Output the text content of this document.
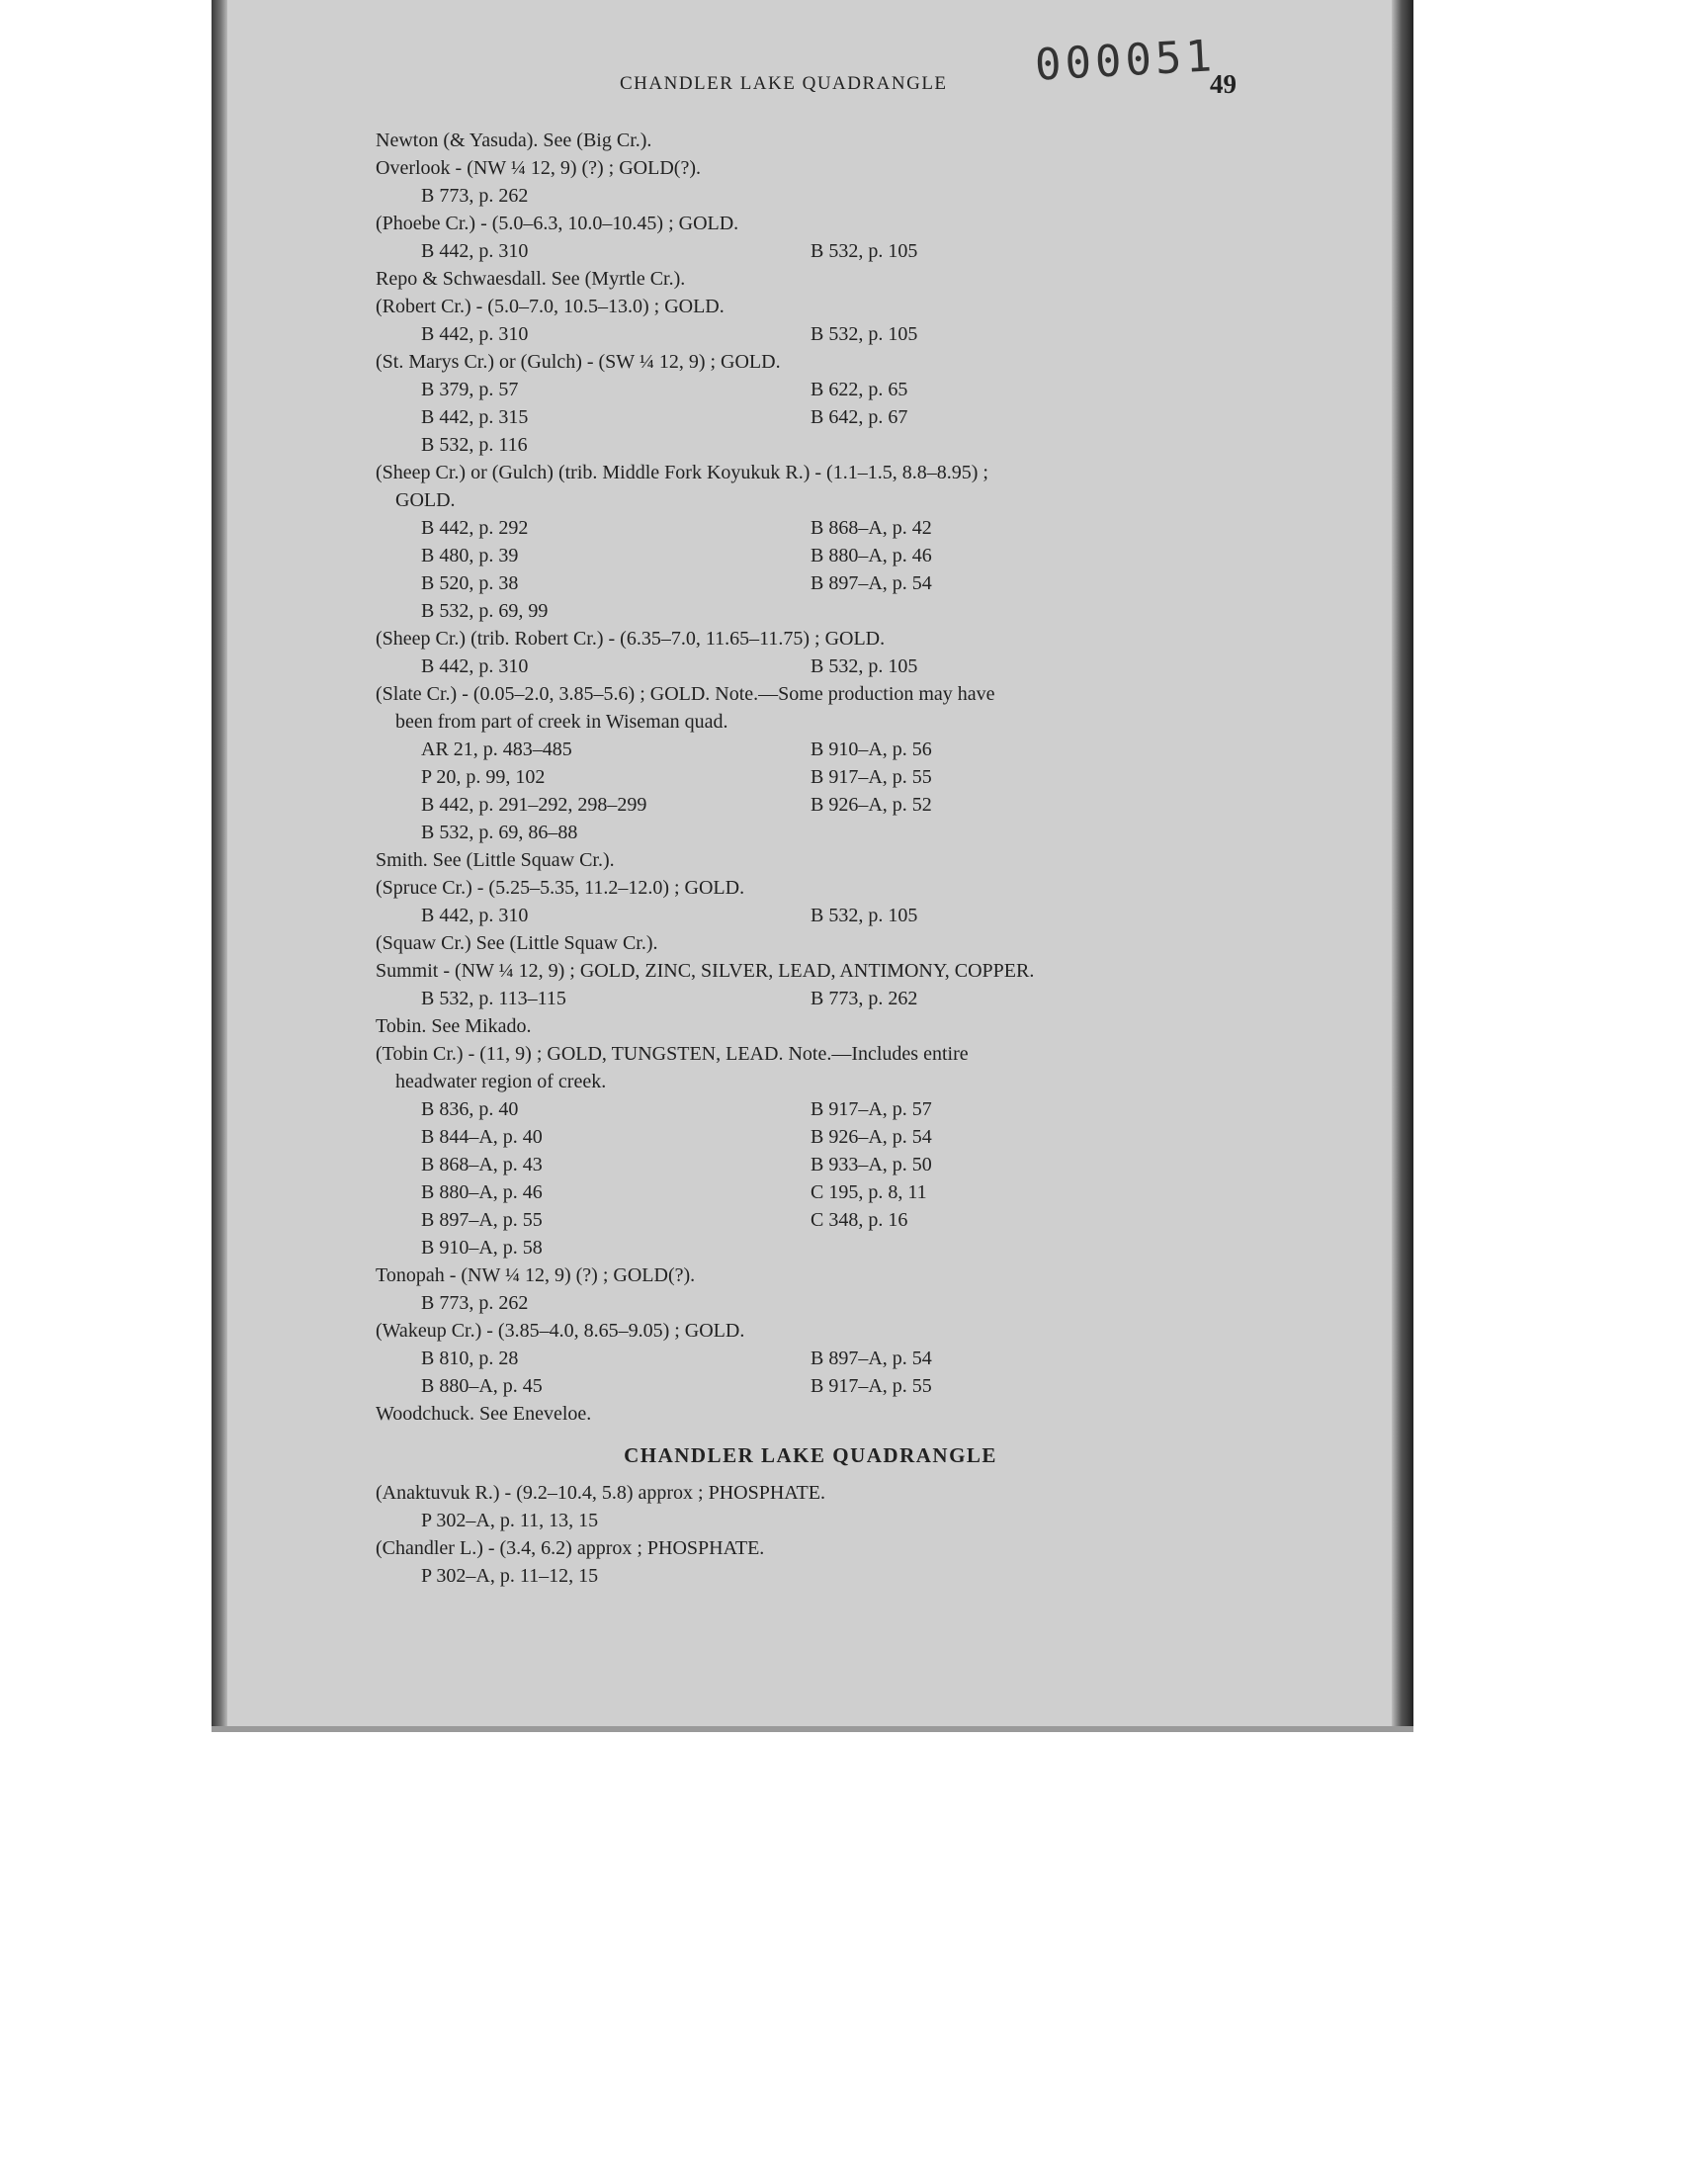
CHANDLER LAKE QUADRANGLE 000051
49

Newton (& Yasuda). See (Big Cr.).

Overlook - (NW ¼ 12, 9) (?) ; GOLD(?).

B 773, p. 262

(Phoebe Cr.) - (5.0–6.3, 10.0–10.45) ; GOLD.

B 442, p. 310	B 532, p. 105

Repo & Schwaesdall. See (Myrtle Cr.).

(Robert Cr.) - (5.0–7.0, 10.5–13.0) ; GOLD.

B 442, p. 310	B 532, p. 105

(St. Marys Cr.) or (Gulch) - (SW ¼ 12, 9) ; GOLD.

B 379, p. 57	B 622, p. 65
B 442, p. 315	B 642, p. 67
B 532, p. 116

(Sheep Cr.) or (Gulch) (trib. Middle Fork Koyukuk R.) - (1.1–1.5, 8.8–8.95) ;

GOLD.

B 442, p. 292	B 868–A, p. 42
B 480, p. 39	B 880–A, p. 46
B 520, p. 38	B 897–A, p. 54
B 532, p. 69, 99

(Sheep Cr.) (trib. Robert Cr.) - (6.35–7.0, 11.65–11.75) ; GOLD.

B 442, p. 310	B 532, p. 105

(Slate Cr.) - (0.05–2.0, 3.85–5.6) ; GOLD. Note.—Some production may have

been from part of creek in Wiseman quad.

AR 21, p. 483–485	B 910–A, p. 56
P 20, p. 99, 102	B 917–A, p. 55
B 442, p. 291–292, 298–299	B 926–A, p. 52
B 532, p. 69, 86–88

Smith. See (Little Squaw Cr.).

(Spruce Cr.) - (5.25–5.35, 11.2–12.0) ; GOLD.

B 442, p. 310	B 532, p. 105

(Squaw Cr.) See (Little Squaw Cr.).

Summit - (NW ¼ 12, 9) ; GOLD, ZINC, SILVER, LEAD, ANTIMONY, COPPER.

B 532, p. 113–115	B 773, p. 262

Tobin. See Mikado.

(Tobin Cr.) - (11, 9) ; GOLD, TUNGSTEN, LEAD. Note.—Includes entire

headwater region of creek.

B 836, p. 40	B 917–A, p. 57
B 844–A, p. 40	B 926–A, p. 54
B 868–A, p. 43	B 933–A, p. 50
B 880–A, p. 46	C 195, p. 8, 11
B 897–A, p. 55	C 348, p. 16
B 910–A, p. 58

Tonopah - (NW ¼ 12, 9) (?) ; GOLD(?).

B 773, p. 262

(Wakeup Cr.) - (3.85–4.0, 8.65–9.05) ; GOLD.

B 810, p. 28	B 897–A, p. 54
B 880–A, p. 45	B 917–A, p. 55

Woodchuck. See Eneveloe.

CHANDLER LAKE QUADRANGLE

(Anaktuvuk R.) - (9.2–10.4, 5.8) approx ; PHOSPHATE.

P 302–A, p. 11, 13, 15

(Chandler L.) - (3.4, 6.2) approx ; PHOSPHATE.

P 302–A, p. 11–12, 15
